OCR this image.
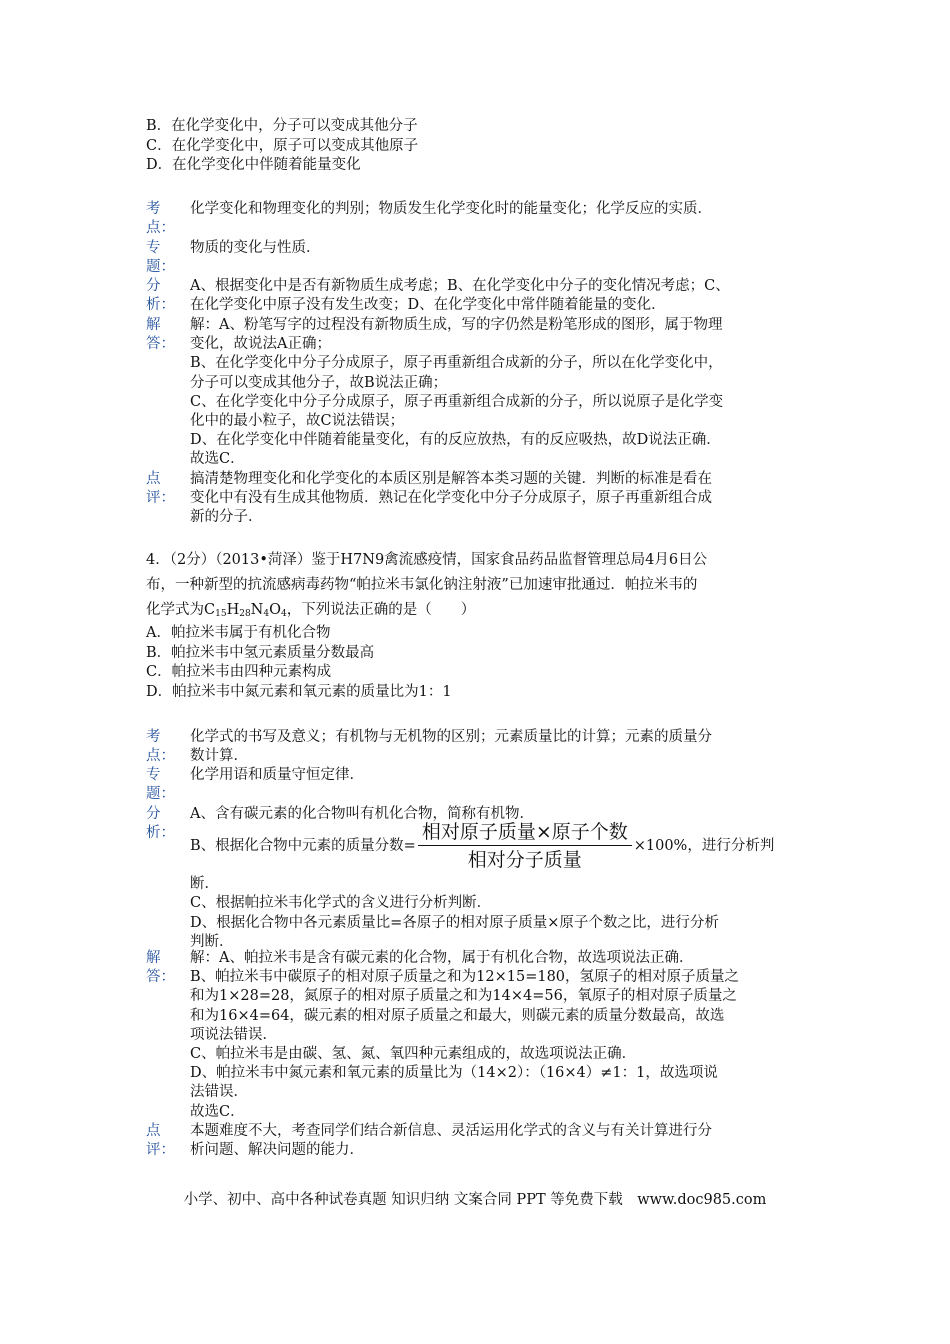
B．在化学变化中，分子可以变成其他分子

C．在化学变化中，原子可以变成其他原子

D．在化学变化中伴随着能量变化

考
点：

化学变化和物理变化的判别；物质发生化学变化时的能量变化；化学反应的实质．

专
题：

物质的变化与性质．

分
析：

A、根据变化中是否有新物质生成考虑；B、在化学变化中分子的变化情况考虑；C、

在化学变化中原子没有发生改变；D、在化学变化中常伴随着能量的变化．

解
答：

解：A、粉笔写字的过程没有新物质生成，写的字仍然是粉笔形成的图形，属于物理

变化，故说法A正确；

B、在化学变化中分子分成原子，原子再重新组合成新的分子，所以在化学变化中，

分子可以变成其他分子，故B说法正确；

C、在化学变化中分子分成原子，原子再重新组合成新的分子，所以说原子是化学变

化中的最小粒子，故C说法错误；

D、在化学变化中伴随着能量变化，有的反应放热，有的反应吸热，故D说法正确．

故选C．

点
评：

搞清楚物理变化和化学变化的本质区别是解答本类习题的关键．判断的标准是看在

变化中有没有生成其他物质．熟记在化学变化中分子分成原子，原子再重新组合成

新的分子．

4．（2分）（2013•菏泽）鉴于H7N9禽流感疫情，国家食品药品监督管理总局4月6日公

布，一种新型的抗流感病毒药物“帕拉米韦氯化钠注射液”已加速审批通过．帕拉米韦的

化学式为$C_{15}H_{28}N_4O_4$，下列说法正确的是（　　）

A．帕拉米韦属于有机化合物

B．帕拉米韦中氢元素质量分数最高

C．帕拉米韦由四种元素构成

D．帕拉米韦中氮元素和氧元素的质量比为1：1

考
点：

化学式的书写及意义；有机物与无机物的区别；元素质量比的计算；元素的质量分

数计算．

专
题：

化学用语和质量守恒定律．

分
析：

A、含有碳元素的化合物叫有机化合物，简称有机物．

B、根据化合物中元素的质量分数= $\frac{\text{相对原子质量×原子个数}}{\text{相对分子质量}} \times 100\%$，进行分析判

断．

C、根据帕拉米韦化学式的含义进行分析判断．

D、根据化合物中各元素质量比=各原子的相对原子质量×原子个数之比，进行分析

判断．

解
答：

解：A、帕拉米韦是含有碳元素的化合物，属于有机化合物，故选项说法正确．

B、帕拉米韦中碳原子的相对原子质量之和为12×15=180，氢原子的相对原子质量之

和为1×28=28，氮原子的相对原子质量之和为14×4=56，氧原子的相对原子质量之

和为16×4=64，碳元素的相对原子质量之和最大，则碳元素的质量分数最高，故选

项说法错误．

C、帕拉米韦是由碳、氢、氮、氧四种元素组成的，故选项说法正确．

D、帕拉米韦中氮元素和氧元素的质量比为（14×2）：（16×4）≠1：1，故选项说

法错误．

故选C．

点
评：

本题难度不大，考查同学们结合新信息、灵活运用化学式的含义与有关计算进行分

析问题、解决问题的能力．

小学、初中、高中各种试卷真题 知识归纳 文案合同 PPT 等免费下载　www.doc985.com
